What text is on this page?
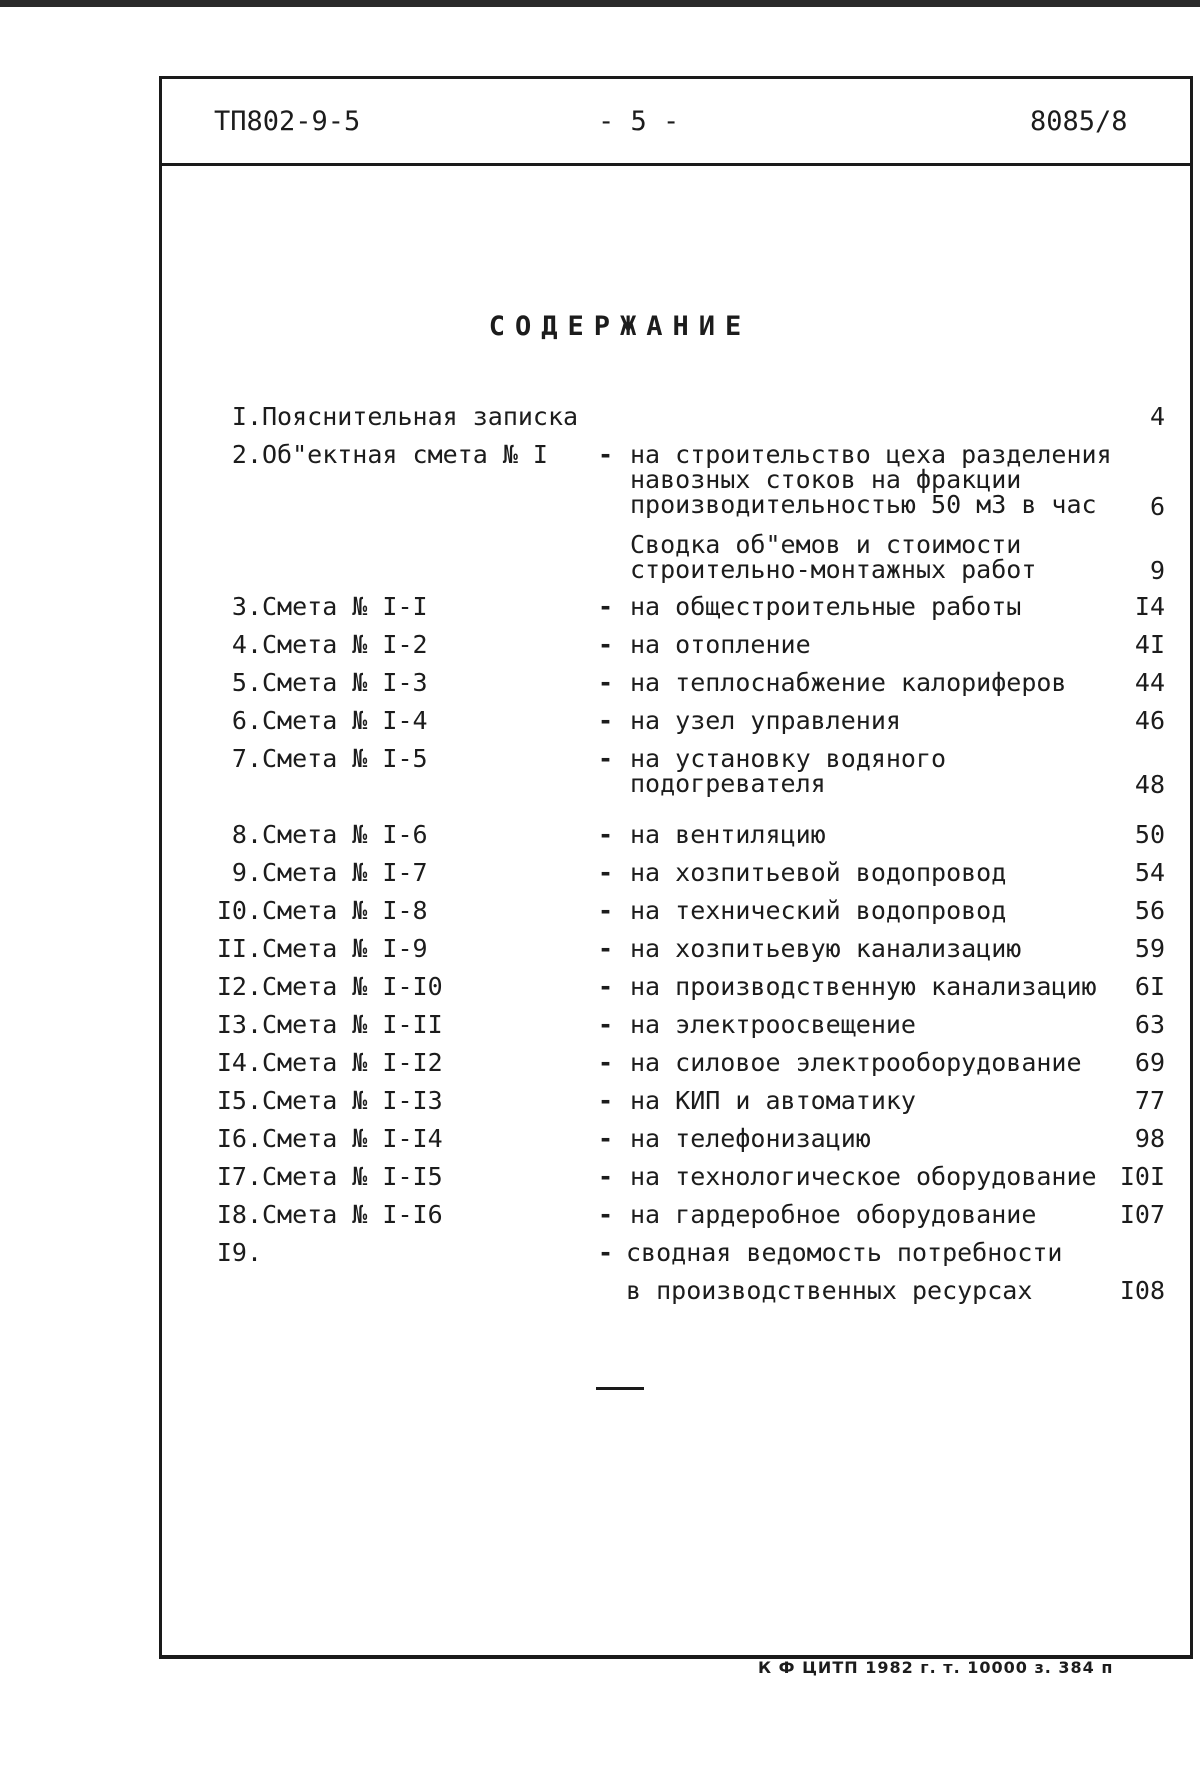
ТП802-9-5	- 5 -	8085/8
СОДЕРЖАНИЕ
I. Пояснительная записка	4
2. Об"ектная смета № I - на строительство цеха разделения навозных стоков на фракции производительностью 50 м3 в час	6
Сводка об"емов и стоимости строительно-монтажных работ	9
3. Смета № I-I	- на общестроительные работы	I4
4. Смета № I-2	- на отопление	4I
5. Смета № I-3	- на теплоснабжение калориферов	44
6. Смета № I-4	- на узел управления	46
7. Смета № I-5	- на установку водяного подогревателя	48
8. Смета № I-6	- на вентиляцию	50
9. Смета № I-7	- на хозпитьевой водопровод	54
I0. Смета № I-8	- на технический водопровод	56
II. Смета № I-9	- на хозпитьевую канализацию	59
I2. Смета № I-I0	- на производственную канализацию	6I
I3. Смета № I-II	- на электроосвещение	63
I4. Смета № I-I2	- на силовое электрооборудование	69
I5. Смета № I-I3	- на КИП и автоматику	77
I6. Смета № I-I4	- на телефонизацию	98
I7. Смета № I-I5	- на технологическое оборудование I0I
I8. Смета № I-I6	- на гардеробное оборудование	I07
I9.	- сводная ведомость потребности в производственных ресурсах	I08
К Ф ЦИТП 1982 г. т. 10000 з. 384 п
